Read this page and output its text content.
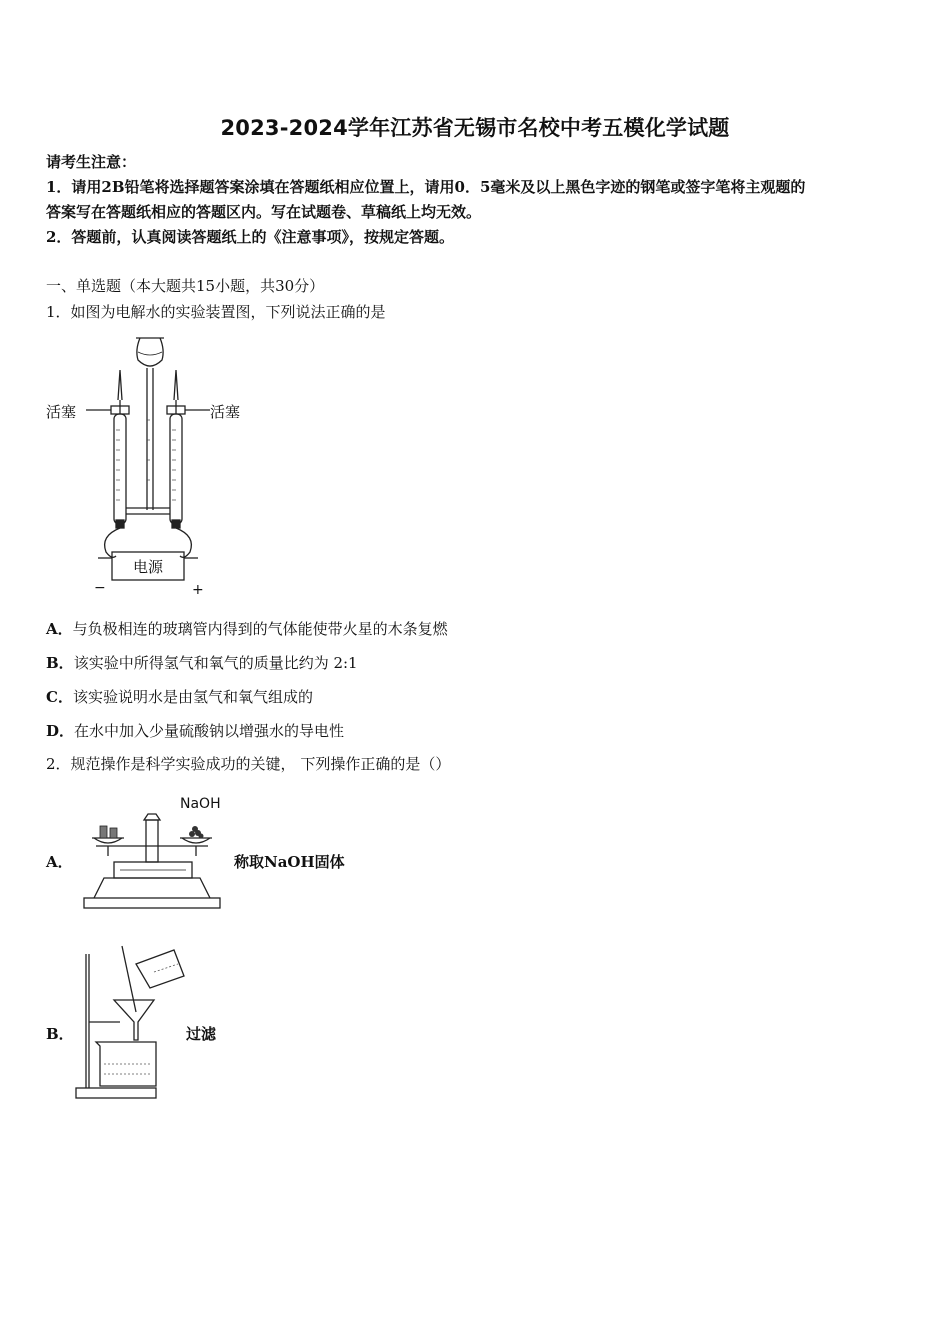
2023-2024学年江苏省无锡市名校中考五模化学试题
请考生注意：
1．请用2B铅笔将选择题答案涂填在答题纸相应位置上，请用0．5毫米及以上黑色字迹的钢笔或签字笔将主观题的
答案写在答题纸相应的答题区内。写在试题卷、草稿纸上均无效。
2．答题前，认真阅读答题纸上的《注意事项》，按规定答题。
一、单选题（本大题共15小题，共30分）
1．如图为电解水的实验装置图，下列说法正确的是
活塞	活塞
电源
−	+
A．与负极相连的玻璃管内得到的气体能使带火星的木条复燃
B．该实验中所得氢气和氧气的质量比约为 2:1
C．该实验说明水是由氢气和氧气组成的
D．在水中加入少量硫酸钠以增强水的导电性
2．规范操作是科学实验成功的关键， 下列操作正确的是（）
A．
NaOH
称取NaOH固体
B．	过滤
